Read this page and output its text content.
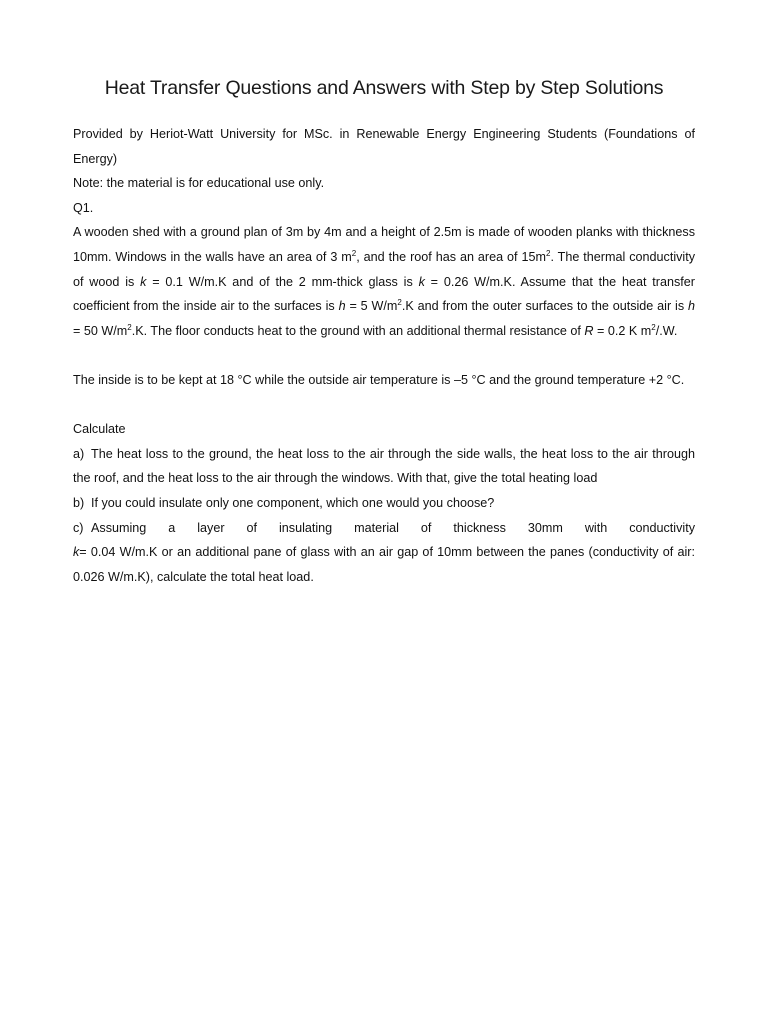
Heat Transfer Questions and Answers with Step by Step Solutions

Provided by Heriot-Watt University for MSc. in Renewable Energy Engineering Students (Foundations of Energy)

Note: the material is for educational use only.

Q1.

A wooden shed with a ground plan of 3m by 4m and a height of 2.5m is made of wooden planks with thickness 10mm. Windows in the walls have an area of 3 $m^2$, and the roof has an area of $15m^2$. The thermal conductivity of wood is k = 0.1 W/m.K and of the 2 mm-thick glass is k = 0.26 W/m.K. Assume that the heat transfer coefficient from the inside air to the surfaces is h = 5 $W/m^2.K$ and from the outer surfaces to the outside air is h = 50 $W/m^2.K$. The floor conducts heat to the ground with an additional thermal resistance of R = 0.2 K $m^2/.W$.

The inside is to be kept at 18 °C while the outside air temperature is –5 °C and the ground temperature +2 °C.

Calculate

a) The heat loss to the ground, the heat loss to the air through the side walls, the heat loss to the air through the roof, and the heat loss to the air through the windows. With that, give the total heating load

b) If you could insulate only one component, which one would you choose?

c) Assuming a layer of insulating material of thickness 30mm with conductivity

k= 0.04 W/m.K or an additional pane of glass with an air gap of 10mm between the panes (conductivity of air: 0.026 W/m.K), calculate the total heat load.
